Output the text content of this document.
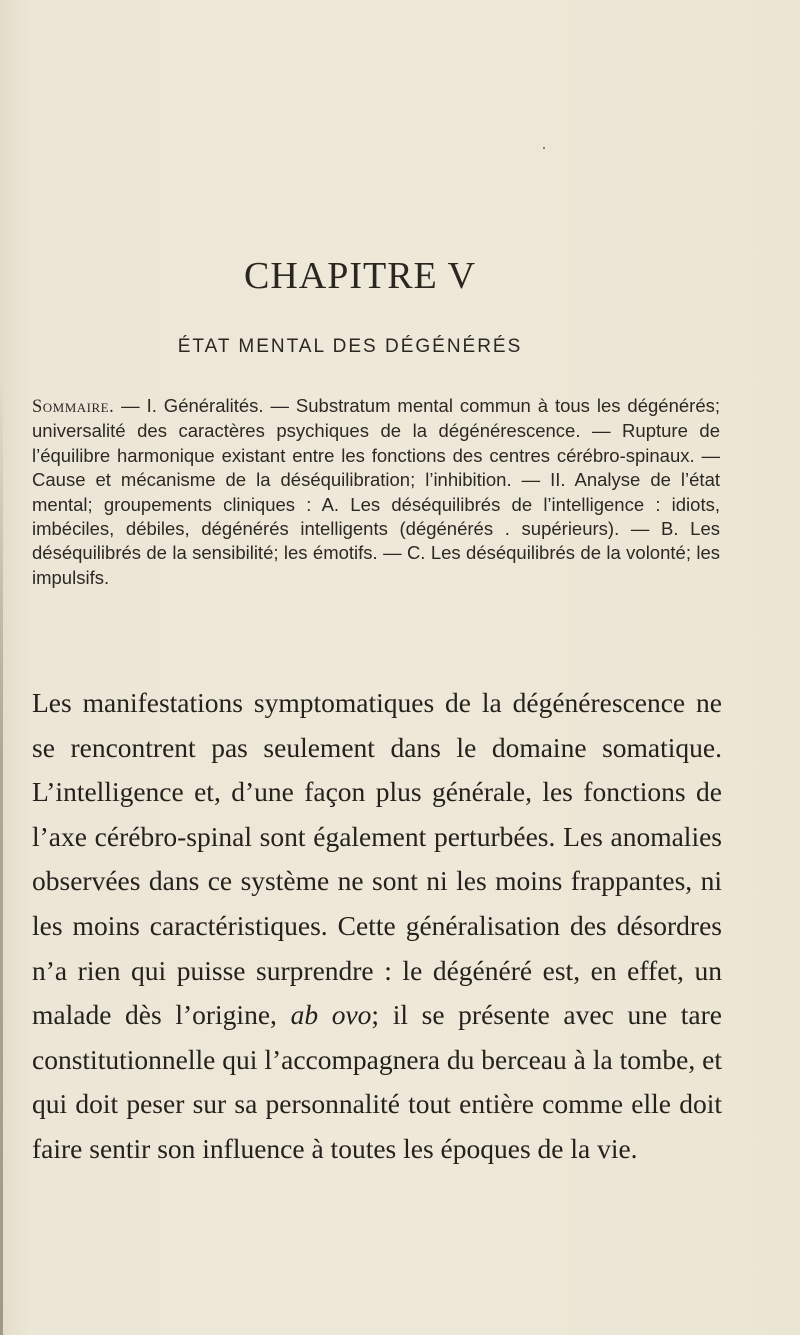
CHAPITRE V
ÉTAT MENTAL DES DÉGÉNÉRÉS
Sommaire. — I. Généralités. — Substratum mental commun à tous les dégénérés; universalité des caractères psychiques de la dégénérescence. — Rupture de l’équilibre harmonique existant entre les fonctions des centres cérébro-spinaux. — Cause et mécanisme de la déséquilibration; l’inhibition. — II. Analyse de l’état mental; groupements cliniques : A. Les déséquilibrés de l’intelligence : idiots, imbéciles, débiles, dégénérés intelligents (dégénérés . supérieurs). — B. Les déséquilibrés de la sensibilité; les émotifs. — C. Les déséquilibrés de la volonté; les impulsifs.
Les manifestations symptomatiques de la dégénérescence ne se rencontrent pas seulement dans le domaine somatique. L’intelligence et, d’une façon plus générale, les fonctions de l’axe cérébro-spinal sont également perturbées. Les anomalies observées dans ce système ne sont ni les moins frappantes, ni les moins caractéristiques. Cette généralisation des désordres n’a rien qui puisse surprendre : le dégénéré est, en effet, un malade dès l’origine, ab ovo; il se présente avec une tare constitutionnelle qui l’accompagnera du berceau à la tombe, et qui doit peser sur sa personnalité tout entière comme elle doit faire sentir son influence à toutes les époques de la vie.
